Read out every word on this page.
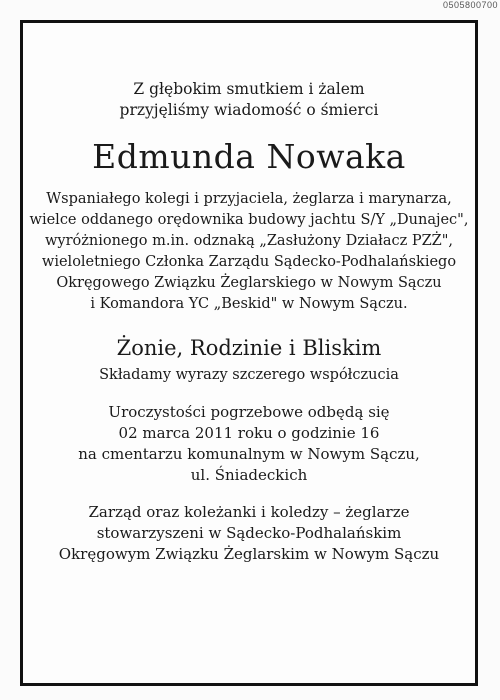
0505800700

Z głębokim smutkiem i żalem

przyjęliśmy wiadomość o śmierci

Edmunda Nowaka

Wspaniałego kolegi i przyjaciela, żeglarza i marynarza,

wielce oddanego orędownika budowy jachtu S/Y „Dunajec",

wyróżnionego m.in. odznaką „Zasłużony Działacz PZŻ",

wieloletniego Członka Zarządu Sądecko-Podhalańskiego

Okręgowego Związku Żeglarskiego w Nowym Sączu

i Komandora YC „Beskid" w Nowym Sączu.

Żonie, Rodzinie i Bliskim

Składamy wyrazy szczerego współczucia

Uroczystości pogrzebowe odbędą się

02 marca 2011 roku o godzinie 16

na cmentarzu komunalnym w Nowym Sączu,

ul. Śniadeckich

Zarząd oraz koleżanki i koledzy – żeglarze

stowarzyszeni w Sądecko-Podhalańskim

Okręgowym Związku Żeglarskim w Nowym Sączu
